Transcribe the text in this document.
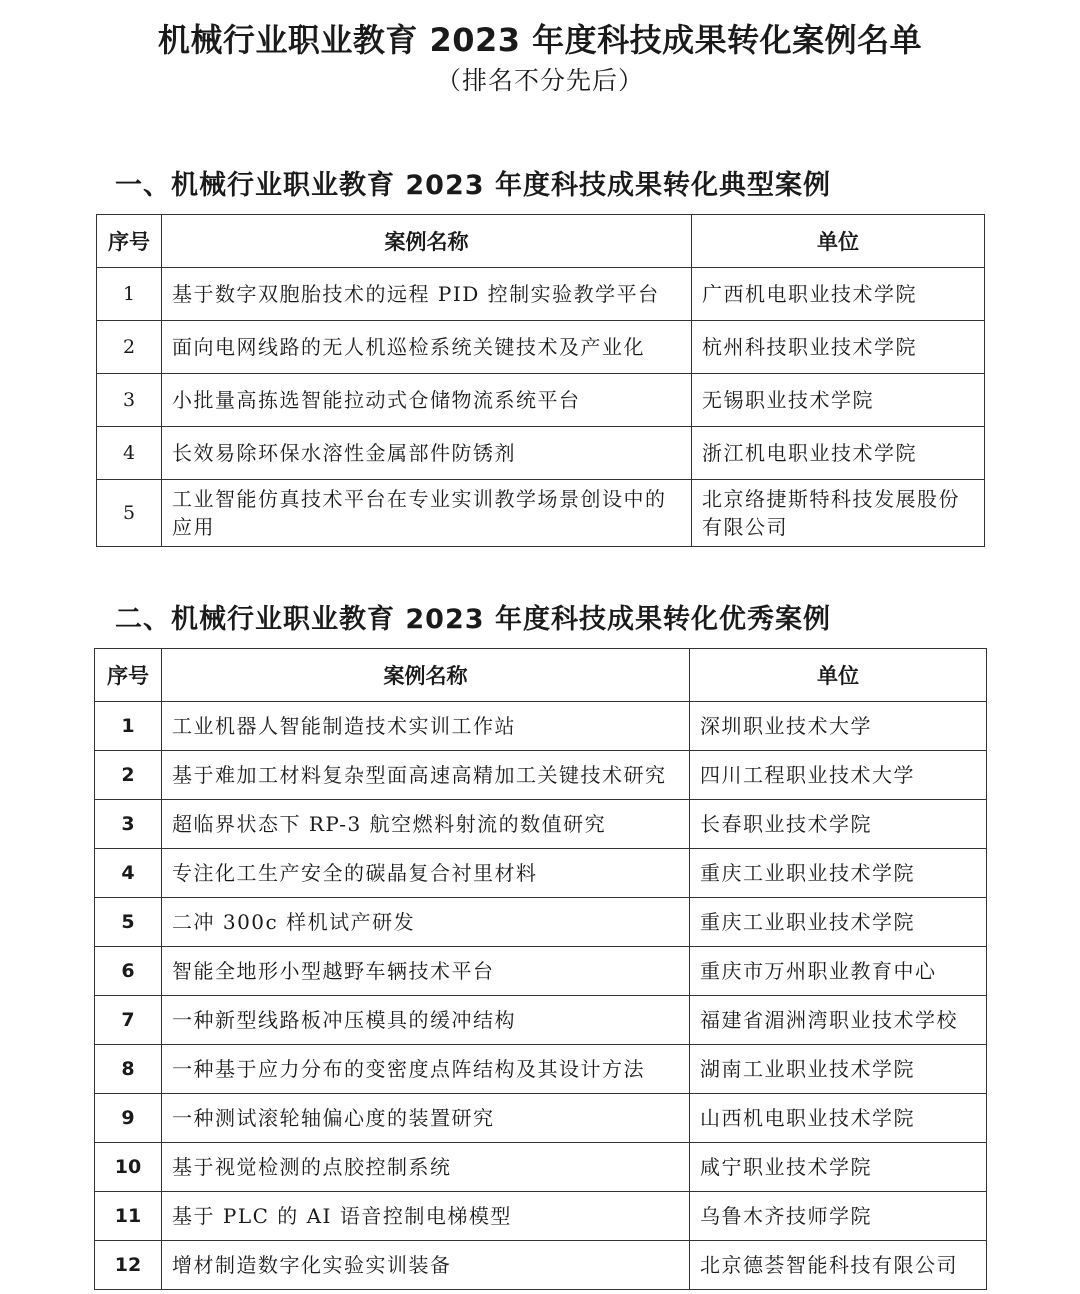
机械行业职业教育 2023 年度科技成果转化案例名单
（排名不分先后）
一、机械行业职业教育 2023 年度科技成果转化典型案例
序号	案例名称	单位
1	基于数字双胞胎技术的远程 PID 控制实验教学平台	广西机电职业技术学院
2	面向电网线路的无人机巡检系统关键技术及产业化	杭州科技职业技术学院
3	小批量高拣选智能拉动式仓储物流系统平台	无锡职业技术学院
4	长效易除环保水溶性金属部件防锈剂	浙江机电职业技术学院
5	工业智能仿真技术平台在专业实训教学场景创设中的应用	北京络捷斯特科技发展股份有限公司
二、机械行业职业教育 2023 年度科技成果转化优秀案例
序号	案例名称	单位
1	工业机器人智能制造技术实训工作站	深圳职业技术大学
2	基于难加工材料复杂型面高速高精加工关键技术研究	四川工程职业技术大学
3	超临界状态下 RP-3 航空燃料射流的数值研究	长春职业技术学院
4	专注化工生产安全的碳晶复合衬里材料	重庆工业职业技术学院
5	二冲 300c 样机试产研发	重庆工业职业技术学院
6	智能全地形小型越野车辆技术平台	重庆市万州职业教育中心
7	一种新型线路板冲压模具的缓冲结构	福建省湄洲湾职业技术学校
8	一种基于应力分布的变密度点阵结构及其设计方法	湖南工业职业技术学院
9	一种测试滚轮轴偏心度的装置研究	山西机电职业技术学院
10	基于视觉检测的点胶控制系统	咸宁职业技术学院
11	基于 PLC 的 AI 语音控制电梯模型	乌鲁木齐技师学院
12	增材制造数字化实验实训装备	北京德荟智能科技有限公司
